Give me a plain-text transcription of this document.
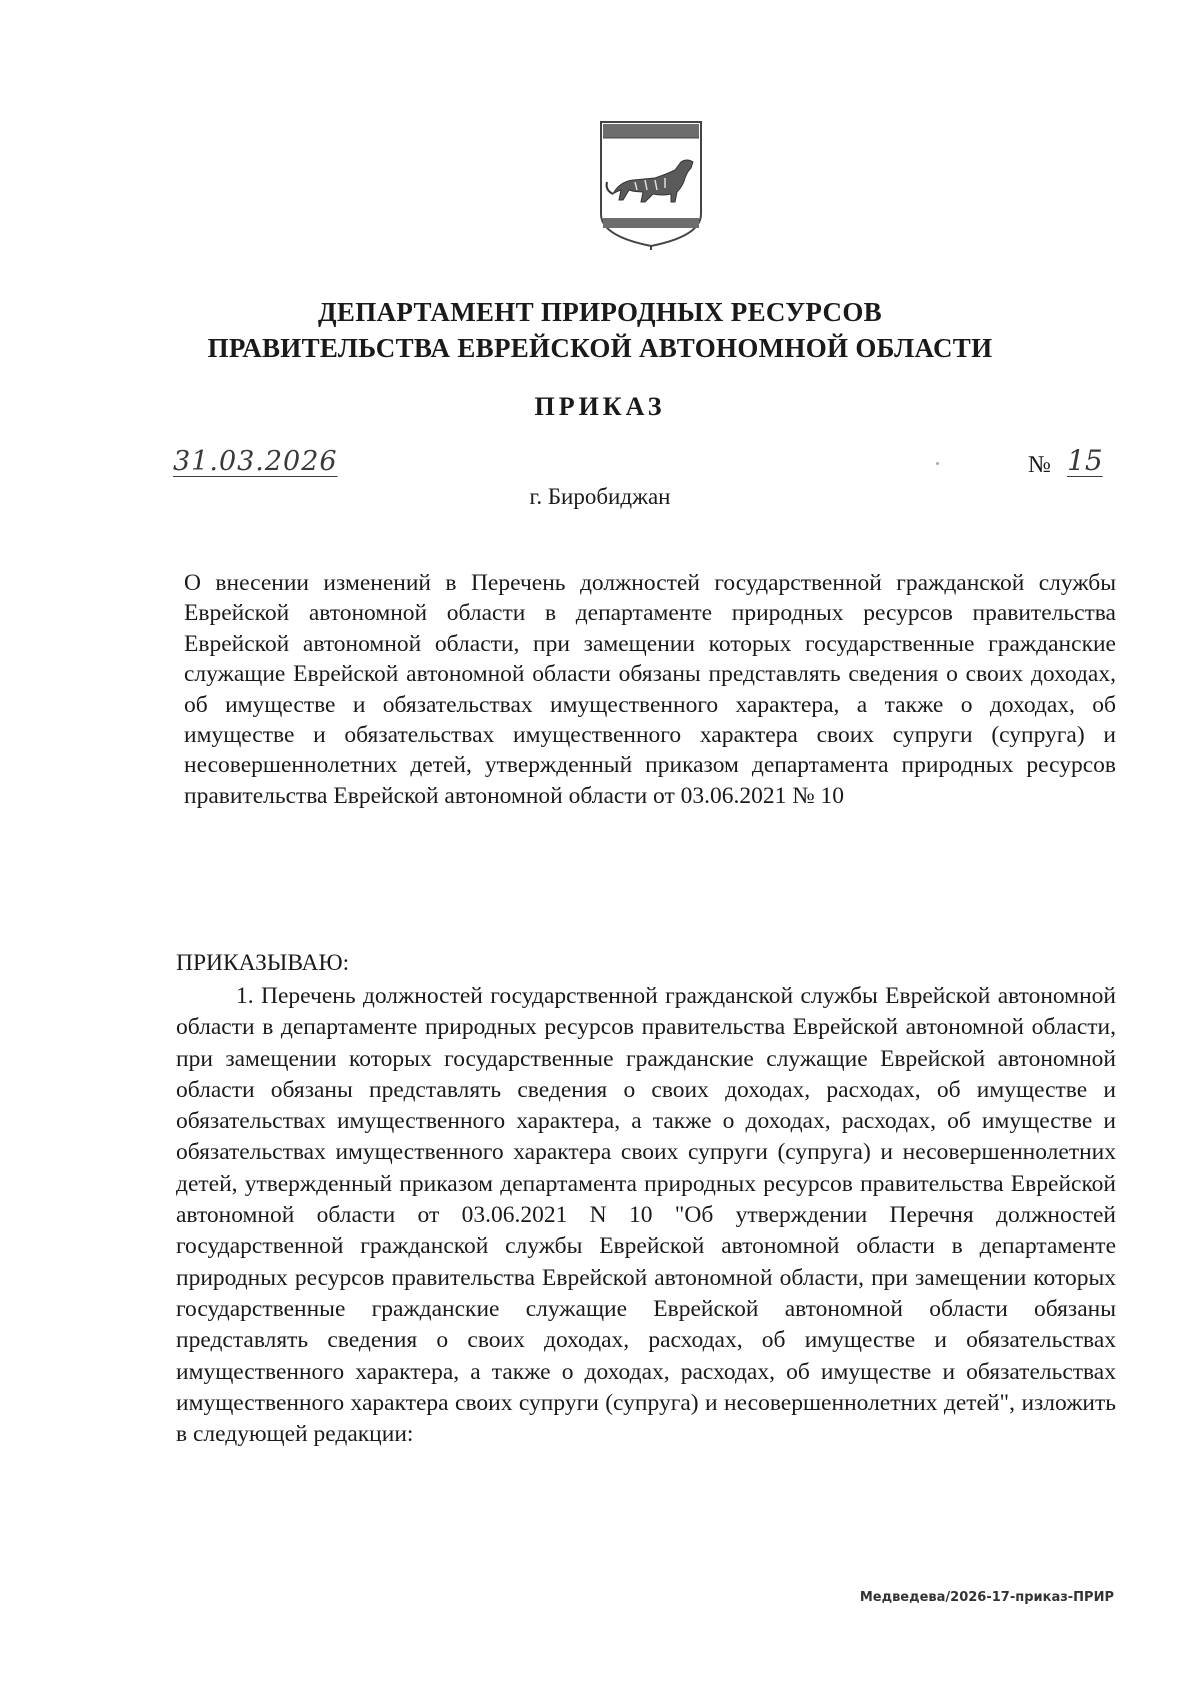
ДЕПАРТАМЕНТ ПРИРОДНЫХ РЕСУРСОВ
ПРАВИТЕЛЬСТВА ЕВРЕЙСКОЙ АВТОНОМНОЙ ОБЛАСТИ
ПРИКАЗ
31.03.2026	№ 15
г. Биробиджан
О внесении изменений в Перечень должностей государственной гражданской службы Еврейской автономной области в департаменте природных ресурсов правительства Еврейской автономной области, при замещении которых государственные гражданские служащие Еврейской автономной области обязаны представлять сведения о своих доходах, об имуществе и обязательствах имущественного характера, а также о доходах, об имуществе и обязательствах имущественного характера своих супруги (супруга) и несовершеннолетних детей, утвержденный приказом департамента природных ресурсов правительства Еврейской автономной области от 03.06.2021 № 10
ПРИКАЗЫВАЮ:
1. Перечень должностей государственной гражданской службы Еврейской автономной области в департаменте природных ресурсов правительства Еврейской автономной области, при замещении которых государственные гражданские служащие Еврейской автономной области обязаны представлять сведения о своих доходах, расходах, об имуществе и обязательствах имущественного характера, а также о доходах, расходах, об имуществе и обязательствах имущественного характера своих супруги (супруга) и несовершеннолетних детей, утвержденный приказом департамента природных ресурсов правительства Еврейской автономной области от 03.06.2021 N 10 "Об утверждении Перечня должностей государственной гражданской службы Еврейской автономной области в департаменте природных ресурсов правительства Еврейской автономной области, при замещении которых государственные гражданские служащие Еврейской автономной области обязаны представлять сведения о своих доходах, расходах, об имуществе и обязательствах имущественного характера, а также о доходах, расходах, об имуществе и обязательствах имущественного характера своих супруги (супруга) и несовершеннолетних детей", изложить в следующей редакции:
Медведева/2026-17-приказ-ПРИР
